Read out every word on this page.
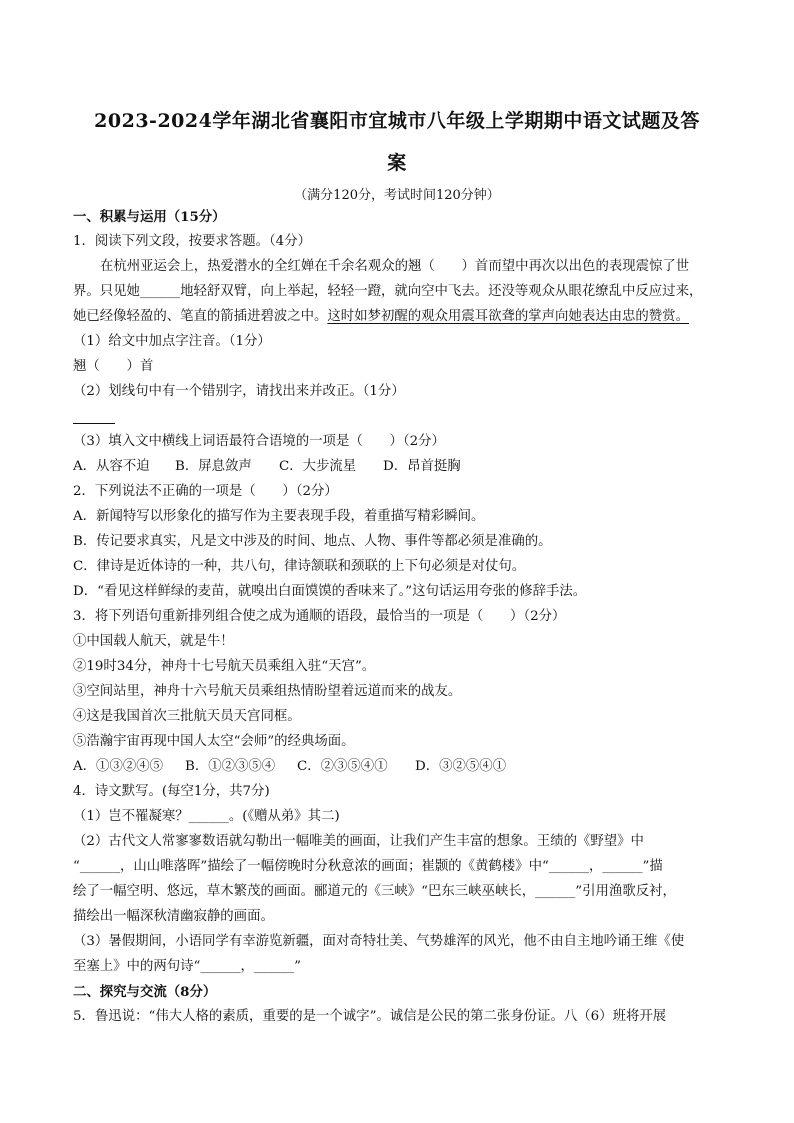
2023-2024学年湖北省襄阳市宜城市八年级上学期期中语文试题及答
案
（满分120分，考试时间120分钟）
一、积累与运用（15分）
1．阅读下列文段，按要求答题。（4分）
在杭州亚运会上，热爱潜水的全红婵在千余名观众的翘（　　）首而望中再次以出色的表现震惊了世
界。只见她______地轻舒双臂，向上举起，轻轻一蹬，就向空中飞去。还没等观众从眼花缭乱中反应过来，
她已经像轻盈的、笔直的箭插进碧波之中。这时如梦初醒的观众用震耳欲聋的掌声向她表达由忠的赞赏。
（1）给文中加点字注音。（1分）
翘（　　）首
（2）划线句中有一个错别字，请找出来并改正。（1分）
（3）填入文中横线上词语最符合语境的一项是（　　）（2分）
A．从容不迫 B．屏息敛声 C．大步流星 D．昂首挺胸
2．下列说法不正确的一项是（　　）（2分）
A．新闻特写以形象化的描写作为主要表现手段，着重描写精彩瞬间。
B．传记要求真实，凡是文中涉及的时间、地点、人物、事件等都必须是准确的。
C．律诗是近体诗的一种，共八句，律诗颔联和颈联的上下句必须是对仗句。
D．“看见这样鲜绿的麦苗，就嗅出白面馍馍的香味来了。”这句话运用夸张的修辞手法。
3．将下列语句重新排列组合使之成为通顺的语段，最恰当的一项是（　　）（2分）
①中国载人航天，就是牛！
②19时34分，神舟十七号航天员乘组入驻“天宫”。
③空间站里，神舟十六号航天员乘组热情盼望着远道而来的战友。
④这是我国首次三批航天员天宫同框。
⑤浩瀚宇宙再现中国人太空“会师”的经典场面。
A．①③②④⑤ B．①②③⑤④ C．②③⑤④① D．③②⑤④①
4．诗文默写。(每空1分，共7分)
（1）岂不罹凝寒？______。(《赠从弟》其二)
（2）古代文人常寥寥数语就勾勒出一幅唯美的画面，让我们产生丰富的想象。王绩的《野望》中
“______，山山唯落晖”描绘了一幅傍晚时分秋意浓的画面；崔颢的《黄鹤楼》中“______，______”描
绘了一幅空明、悠远，草木繁茂的画面。郦道元的《三峡》“巴东三峡巫峡长，______”引用渔歌反衬，
描绘出一幅深秋清幽寂静的画面。
（3）暑假期间，小语同学有幸游览新疆，面对奇特壮美、气势雄浑的风光，他不由自主地吟诵王维《使
至塞上》中的两句诗“______，______”
二、探究与交流（8分）
5．鲁迅说：“伟大人格的素质，重要的是一个诚字”。诚信是公民的第二张身份证。八（6）班将开展
